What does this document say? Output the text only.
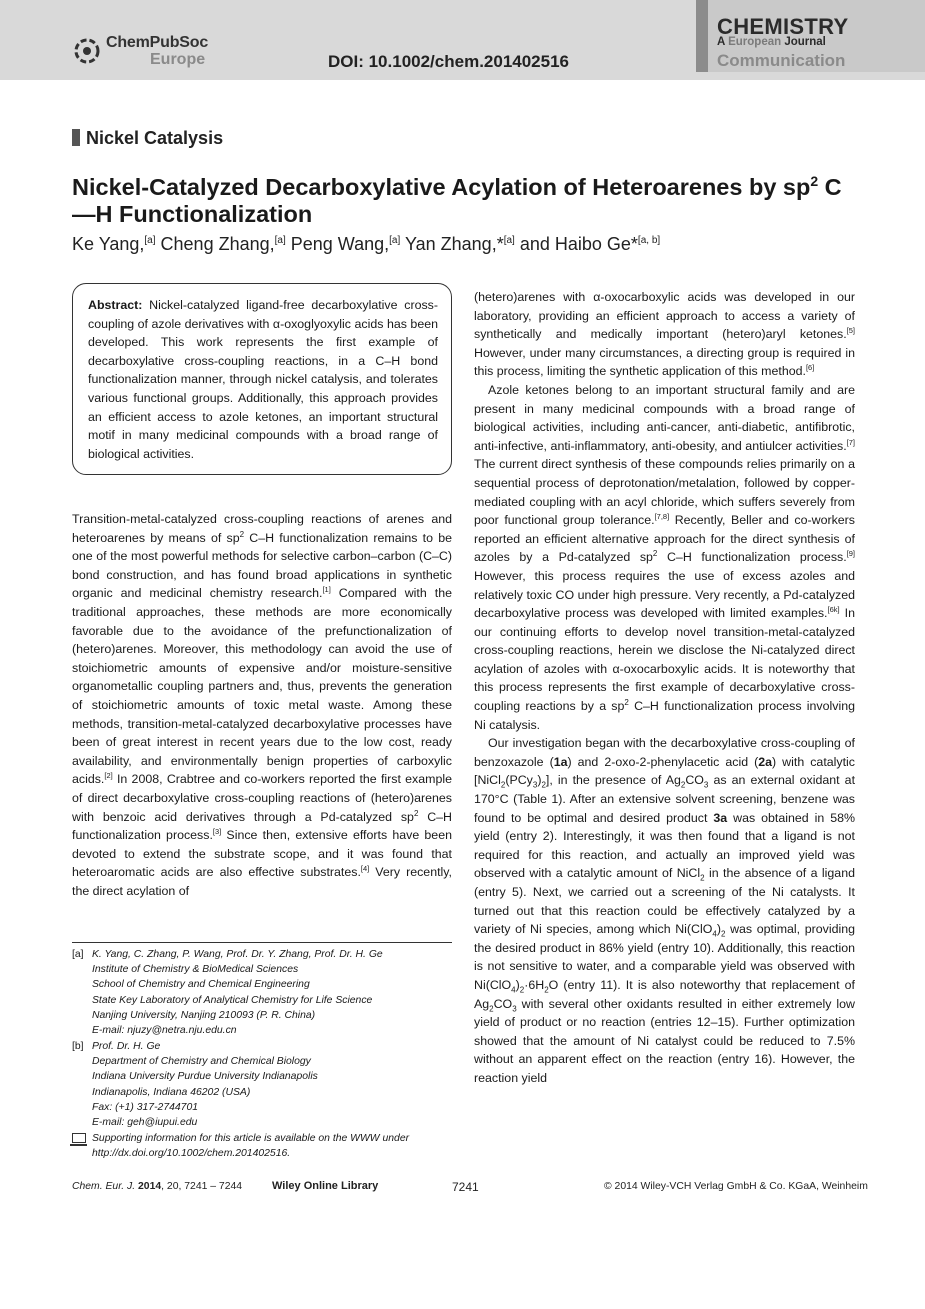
ChemPubSoc
Europe	DOI: 10.1002/chem.201402516
CHEMISTRY
A European Journal
Communication
Nickel Catalysis
Nickel-Catalyzed Decarboxylative Acylation of Heteroarenes by $sp^2$ C—H Functionalization
Ke Yang,[a] Cheng Zhang,[a] Peng Wang,[a] Yan Zhang,*[a] and Haibo Ge*[a, b]
Abstract: Nickel-catalyzed ligand-free decarboxylative cross-coupling of azole derivatives with α-oxoglyoxylic acids has been developed. This work represents the first example of decarboxylative cross-coupling reactions, in a C–H bond functionalization manner, through nickel catalysis, and tolerates various functional groups. Additionally, this approach provides an efficient access to azole ketones, an important structural motif in many medicinal compounds with a broad range of biological activities.

Transition-metal-catalyzed cross-coupling reactions of arenes and heteroarenes by means of $sp^2$ C–H functionalization remains to be one of the most powerful methods for selective carbon–carbon (C–C) bond construction, and has found broad applications in synthetic organic and medicinal chemistry research.[1] Compared with the traditional approaches, these methods are more economically favorable due to the avoidance of the prefunctionalization of (hetero)arenes. Moreover, this methodology can avoid the use of stoichiometric amounts of expensive and/or moisture-sensitive organometallic coupling partners and, thus, prevents the generation of stoichiometric amounts of toxic metal waste. Among these methods, transition-metal-catalyzed decarboxylative processes have been of great interest in recent years due to the low cost, ready availability, and environmentally benign properties of carboxylic acids.[2] In 2008, Crabtree and co-workers reported the first example of direct decarboxylative cross-coupling reactions of (hetero)arenes with benzoic acid derivatives through a Pd-catalyzed $sp^2$ C–H functionalization process.[3] Since then, extensive efforts have been devoted to extend the substrate scope, and it was found that heteroaromatic acids are also effective substrates.[4] Very recently, the direct acylation of

(hetero)arenes with α-oxocarboxylic acids was developed in our laboratory, providing an efficient approach to access a variety of synthetically and medically important (hetero)aryl ketones.[5] However, under many circumstances, a directing group is required in this process, limiting the synthetic application of this method.[6]

Azole ketones belong to an important structural family and are present in many medicinal compounds with a broad range of biological activities, including anti-cancer, anti-diabetic, antifibrotic, anti-infective, anti-inflammatory, anti-obesity, and antiulcer activities.[7] The current direct synthesis of these compounds relies primarily on a sequential process of deprotonation/metalation, followed by copper-mediated coupling with an acyl chloride, which suffers severely from poor functional group tolerance.[7,8] Recently, Beller and co-workers reported an efficient alternative approach for the direct synthesis of azoles by a Pd-catalyzed $sp^2$ C–H functionalization process.[9] However, this process requires the use of excess azoles and relatively toxic CO under high pressure. Very recently, a Pd-catalyzed decarboxylative process was developed with limited examples.[6k] In our continuing efforts to develop novel transition-metal-catalyzed cross-coupling reactions, herein we disclose the Ni-catalyzed direct acylation of azoles with α-oxocarboxylic acids. It is noteworthy that this process represents the first example of decarboxylative cross-coupling reactions by a $sp^2$ C–H functionalization process involving Ni catalysis.

Our investigation began with the decarboxylative cross-coupling of benzoxazole (1a) and 2-oxo-2-phenylacetic acid (2a) with catalytic $[NiCl_2(PCy_3)_2]$, in the presence of $Ag_2CO_3$ as an external oxidant at 170°C (Table 1). After an extensive solvent screening, benzene was found to be optimal and desired product 3a was obtained in 58% yield (entry 2). Interestingly, it was then found that a ligand is not required for this reaction, and actually an improved yield was observed with a catalytic amount of NiCl$_2$ in the absence of a ligand (entry 5). Next, we carried out a screening of the Ni catalysts. It turned out that this reaction could be effectively catalyzed by a variety of Ni species, among which $Ni(ClO_4)_2$ was optimal, providing the desired product in 86% yield (entry 10). Additionally, this reaction is not sensitive to water, and a comparable yield was observed with $Ni(ClO_4)_2\cdot 6H_2O$ (entry 11). It is also noteworthy that replacement of $Ag_2CO_3$ with several other oxidants resulted in either extremely low yield of product or no reaction (entries 12–15). Further optimization showed that the amount of Ni catalyst could be reduced to 7.5% without an apparent effect on the reaction (entry 16). However, the reaction yield

[a] K. Yang, C. Zhang, P. Wang, Prof. Dr. Y. Zhang, Prof. Dr. H. Ge
Institute of Chemistry & BioMedical Sciences
School of Chemistry and Chemical Engineering
State Key Laboratory of Analytical Chemistry for Life Science
Nanjing University, Nanjing 210093 (P. R. China)
E-mail: njuzy@netra.nju.edu.cn
[b] Prof. Dr. H. Ge
Department of Chemistry and Chemical Biology
Indiana University Purdue University Indianapolis
Indianapolis, Indiana 46202 (USA)
Fax: (+1) 317-2744701
E-mail: geh@iupui.edu
Supporting information for this article is available on the WWW under
http://dx.doi.org/10.1002/chem.201402516.
Chem. Eur. J. 2014, 20, 7241 – 7244	Wiley Online Library	7241	© 2014 Wiley-VCH Verlag GmbH & Co. KGaA, Weinheim
